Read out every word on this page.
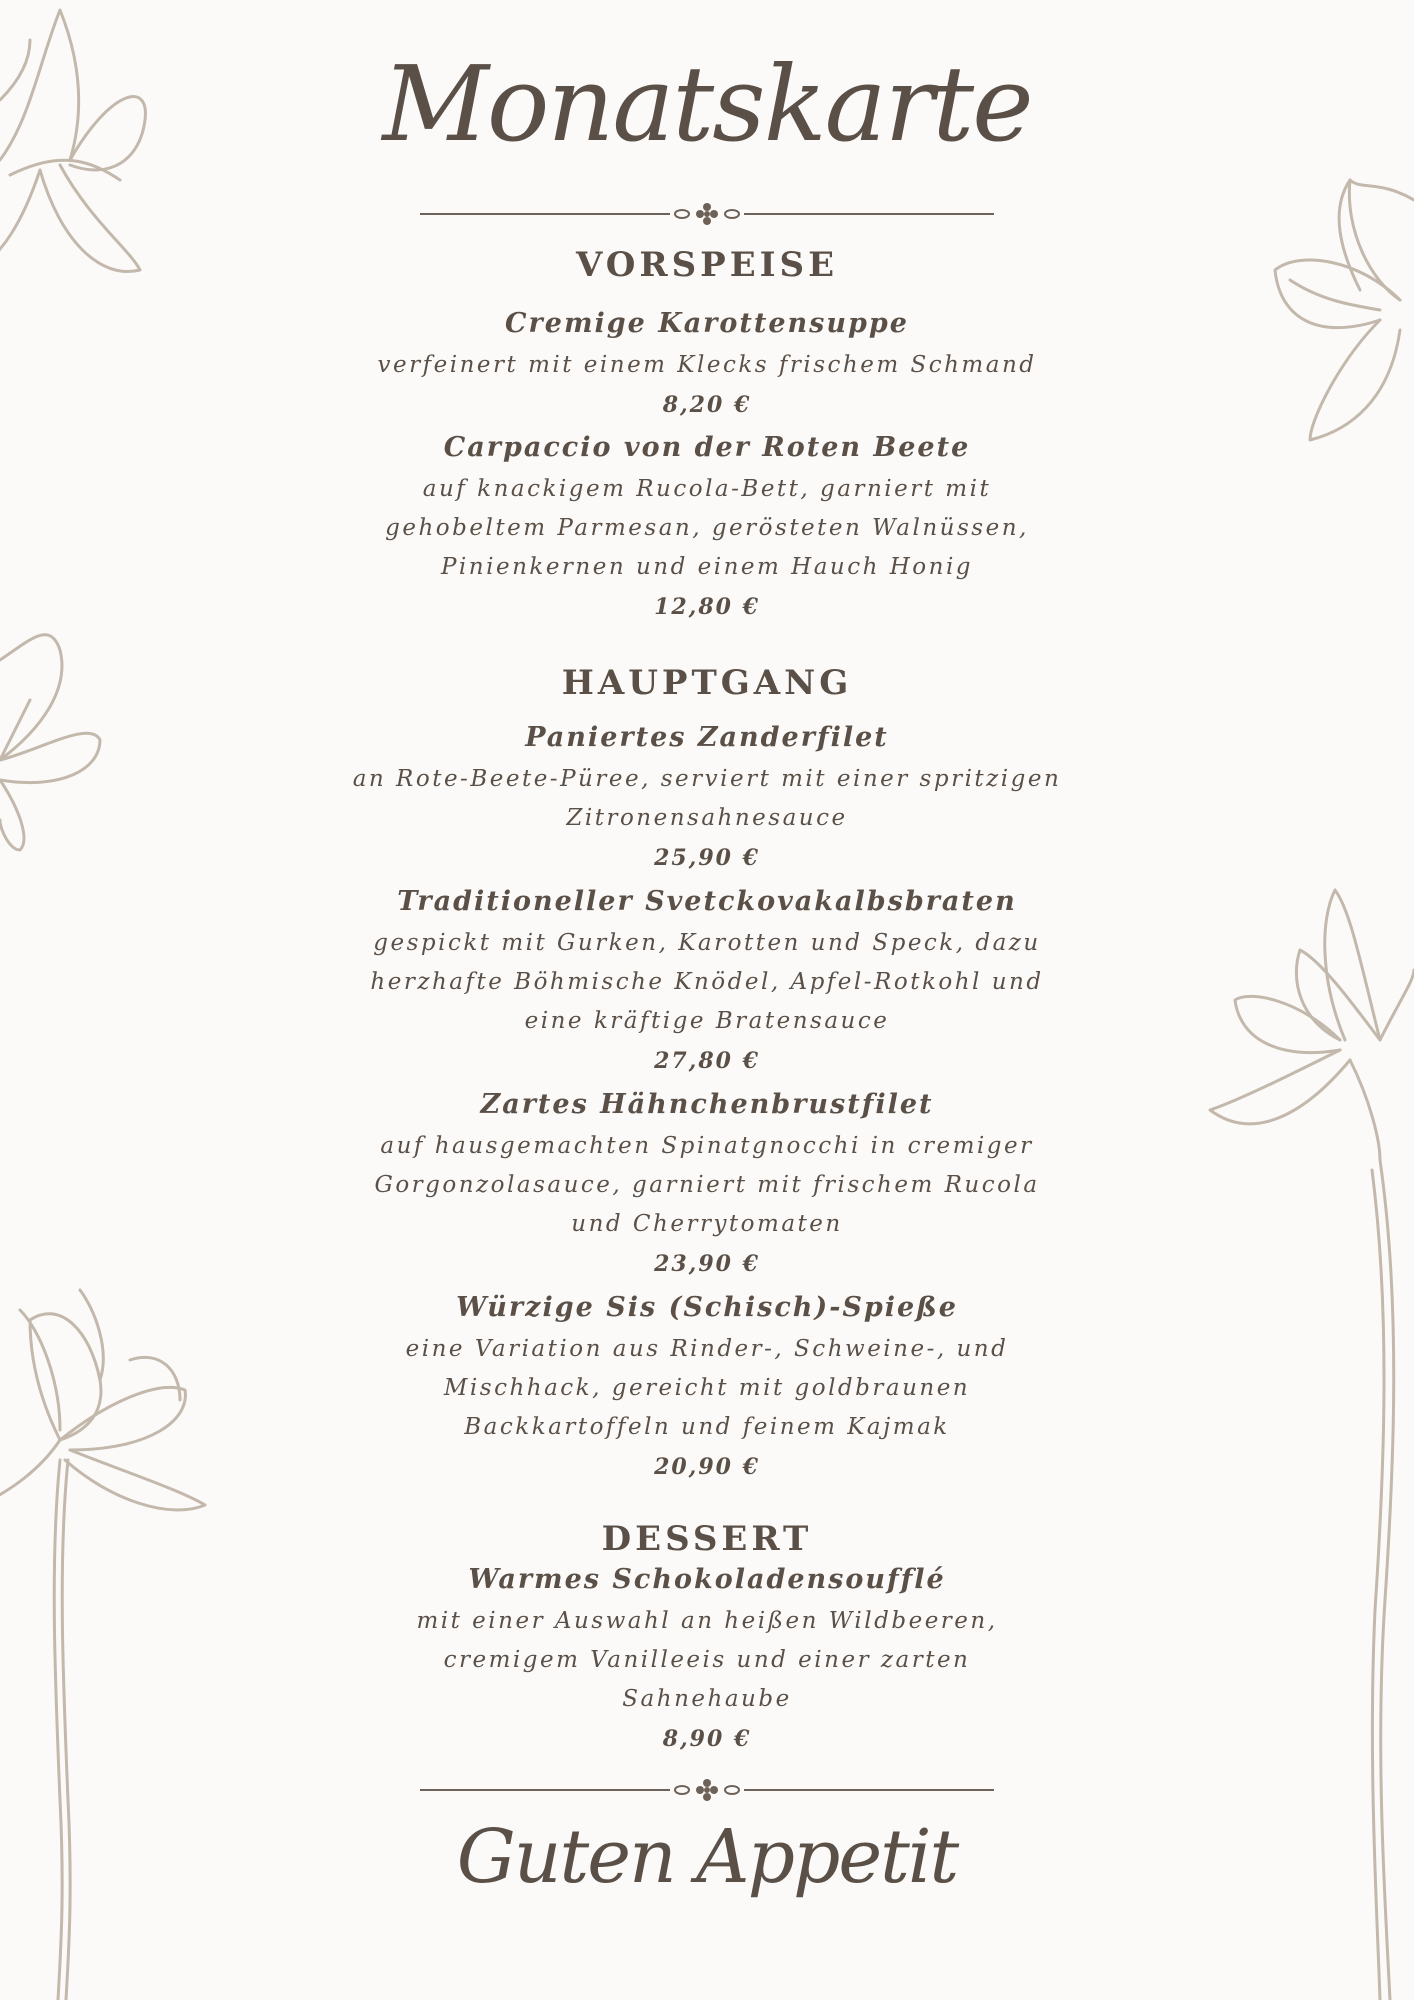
Monatskarte
VORSPEISE
Cremige Karottensuppe
verfeinert mit einem Klecks frischem Schmand
8,20 €
Carpaccio von der Roten Beete
auf knackigem Rucola-Bett, garniert mit gehobeltem Parmesan, gerösteten Walnüssen, Pinienkernen und einem Hauch Honig
12,80 €
HAUPTGANG
Paniertes Zanderfilet
an Rote-Beete-Püree, serviert mit einer spritzigen Zitronensahnesauce
25,90 €
Traditioneller Svetckovakalbsbraten
gespickt mit Gurken, Karotten und Speck, dazu herzhafte Böhmische Knödel, Apfel-Rotkohl und eine kräftige Bratensauce
27,80 €
Zartes Hähnchenbrustfilet
auf hausgemachten Spinatgnocchi in cremiger Gorgonzolasauce, garniert mit frischem Rucola und Cherrytomaten
23,90 €
Würzige Sis (Schisch)-Spieße
eine Variation aus Rinder-, Schweine-, und Mischhack, gereicht mit goldbraunen Backkartoffeln und feinem Kajmak
20,90 €
DESSERT
Warmes Schokoladensoufflé
mit einer Auswahl an heißen Wildbeeren, cremigem Vanilleeis und einer zarten Sahnehaube
8,90 €
Guten Appetit
